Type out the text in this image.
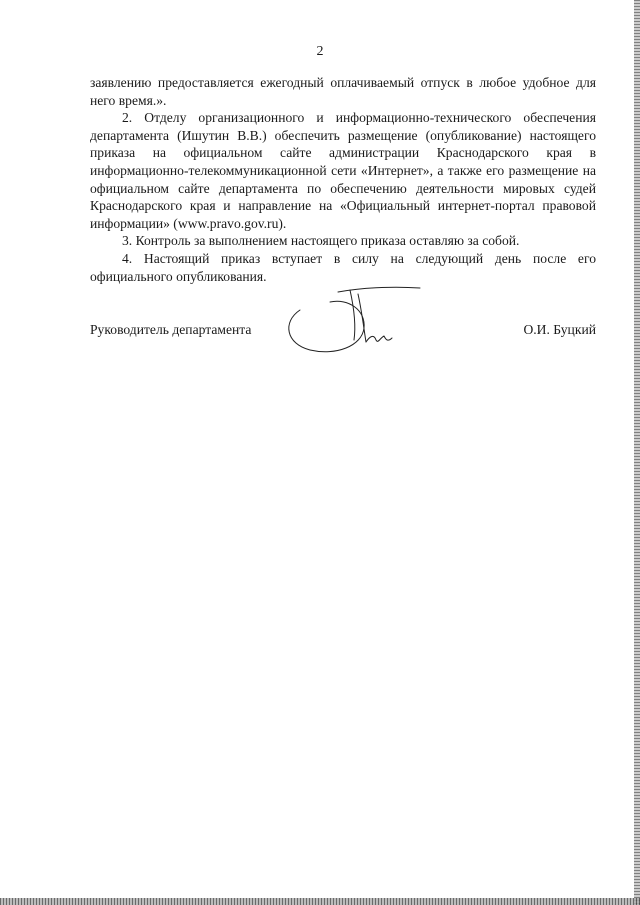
2

заявлению предоставляется ежегодный оплачиваемый отпуск в любое удобное для него время.».

2. Отделу организационного и информационно-технического обеспечения департамента (Ишутин В.В.) обеспечить размещение (опубликование) настоящего приказа на официальном сайте администрации Краснодарского края в информационно-телекоммуникационной сети «Интернет», а также его размещение на официальном сайте департамента по обеспечению деятельности мировых судей Краснодарского края и направление на «Официальный интернет-портал правовой информации» (www.pravo.gov.ru).

3. Контроль за выполнением настоящего приказа оставляю за собой.

4. Настоящий приказ вступает в силу на следующий день после его официального опубликования.

Руководитель департамента	О.И. Буцкий
